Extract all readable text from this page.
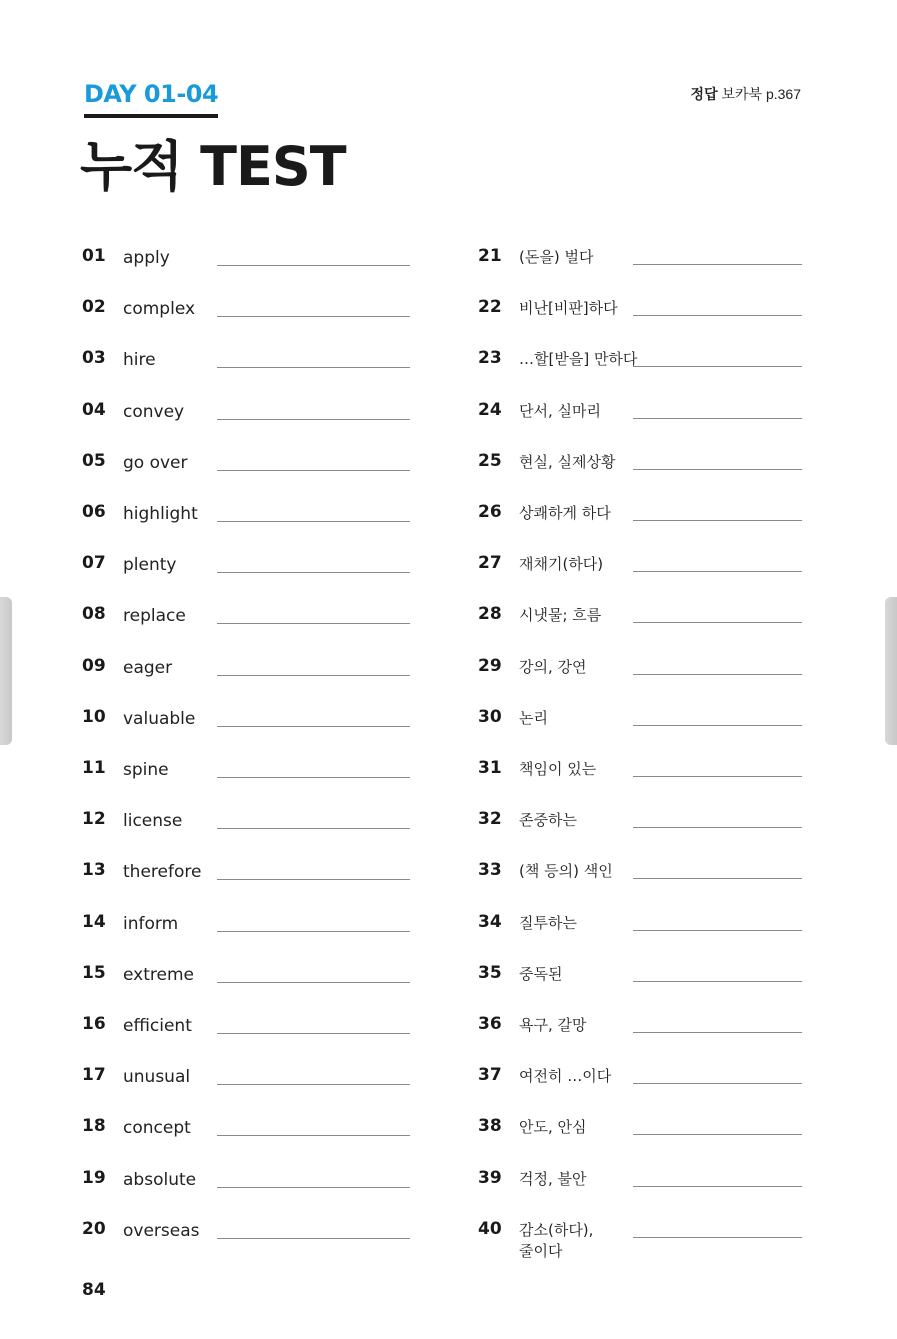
DAY 01-04
누적 TEST
정답 보카북 p.367
01 apply
02 complex
03 hire
04 convey
05 go over
06 highlight
07 plenty
08 replace
09 eager
10 valuable
11 spine
12 license
13 therefore
14 inform
15 extreme
16 efficient
17 unusual
18 concept
19 absolute
20 overseas
21 (돈을) 벌다
22 비난[비판]하다
23 …할[받을] 만하다
24 단서, 실마리
25 현실, 실제상황
26 상쾌하게 하다
27 재채기(하다)
28 시냇물; 흐름
29 강의, 강연
30 논리
31 책임이 있는
32 존중하는
33 (책 등의) 색인
34 질투하는
35 중독된
36 욕구, 갈망
37 여전히 …이다
38 안도, 안심
39 걱정, 불안
40 감소(하다),
줄이다
84
